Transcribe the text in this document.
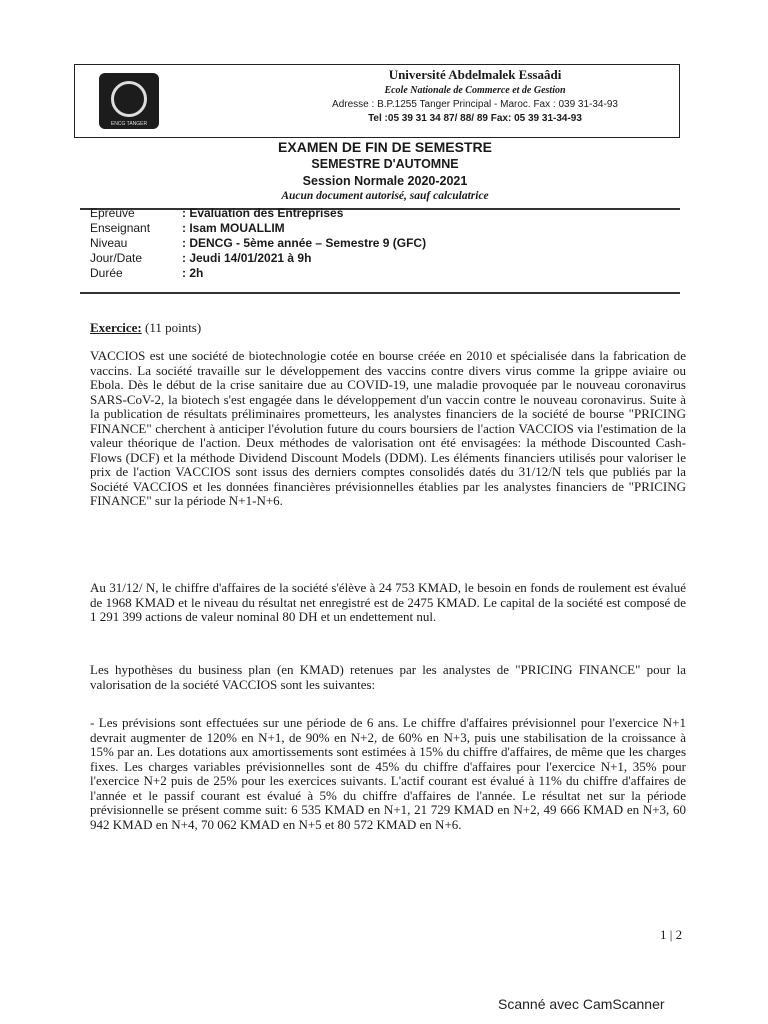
ENCG TANGER
Université Abdelmalek Essaâdi
Ecole Nationale de Commerce et de Gestion
Adresse : B.P.1255 Tanger Principal - Maroc. Fax : 039 31-34-93
Tel :05 39 31 34 87/ 88/ 89 Fax: 05 39 31-34-93
EXAMEN DE FIN DE SEMESTRE
SEMESTRE D'AUTOMNE
Session Normale 2020-2021
Aucun document autorisé, sauf calculatrice
Epreuve	: Evaluation des Entreprises
Enseignant	: Isam MOUALLIM
Niveau	: DENCG - 5ème année – Semestre 9 (GFC)
Jour/Date	: Jeudi 14/01/2021 à 9h
Durée	: 2h
Exercice: (11 points)
VACCIOS est une société de biotechnologie cotée en bourse créée en 2010 et spécialisée dans la fabrication de vaccins. La société travaille sur le développement des vaccins contre divers virus comme la grippe aviaire ou Ebola. Dès le début de la crise sanitaire due au COVID-19, une maladie provoquée par le nouveau coronavirus SARS-CoV-2, la biotech s'est engagée dans le développement d'un vaccin contre le nouveau coronavirus. Suite à la publication de résultats préliminaires prometteurs, les analystes financiers de la société de bourse "PRICING FINANCE" cherchent à anticiper l'évolution future du cours boursiers de l'action VACCIOS via l'estimation de la valeur théorique de l'action. Deux méthodes de valorisation ont été envisagées: la méthode Discounted Cash-Flows (DCF) et la méthode Dividend Discount Models (DDM). Les éléments financiers utilisés pour valoriser le prix de l'action VACCIOS sont issus des derniers comptes consolidés datés du 31/12/N tels que publiés par la Société VACCIOS et les données financières prévisionnelles établies par les analystes financiers de "PRICING FINANCE" sur la période N+1-N+6.
Au 31/12/ N, le chiffre d'affaires de la société s'élève à 24 753 KMAD, le besoin en fonds de roulement est évalué de 1968 KMAD et le niveau du résultat net enregistré est de 2475 KMAD. Le capital de la société est composé de 1 291 399 actions de valeur nominal 80 DH et un endettement nul.
Les hypothèses du business plan (en KMAD) retenues par les analystes de "PRICING FINANCE" pour la valorisation de la société VACCIOS sont les suivantes:
- Les prévisions sont effectuées sur une période de 6 ans. Le chiffre d'affaires prévisionnel pour l'exercice N+1 devrait augmenter de 120% en N+1, de 90% en N+2, de 60% en N+3, puis une stabilisation de la croissance à 15% par an. Les dotations aux amortissements sont estimées à 15% du chiffre d'affaires, de même que les charges fixes. Les charges variables prévisionnelles sont de 45% du chiffre d'affaires pour l'exercice N+1, 35% pour l'exercice N+2 puis de 25% pour les exercices suivants. L'actif courant est évalué à 11% du chiffre d'affaires de l'année et le passif courant est évalué à 5% du chiffre d'affaires de l'année. Le résultat net sur la période prévisionnelle se présent comme suit: 6 535 KMAD en N+1, 21 729 KMAD en N+2, 49 666 KMAD en N+3, 60 942 KMAD en N+4, 70 062 KMAD en N+5 et 80 572 KMAD en N+6.
1 | 2
Scanné avec CamScanner
